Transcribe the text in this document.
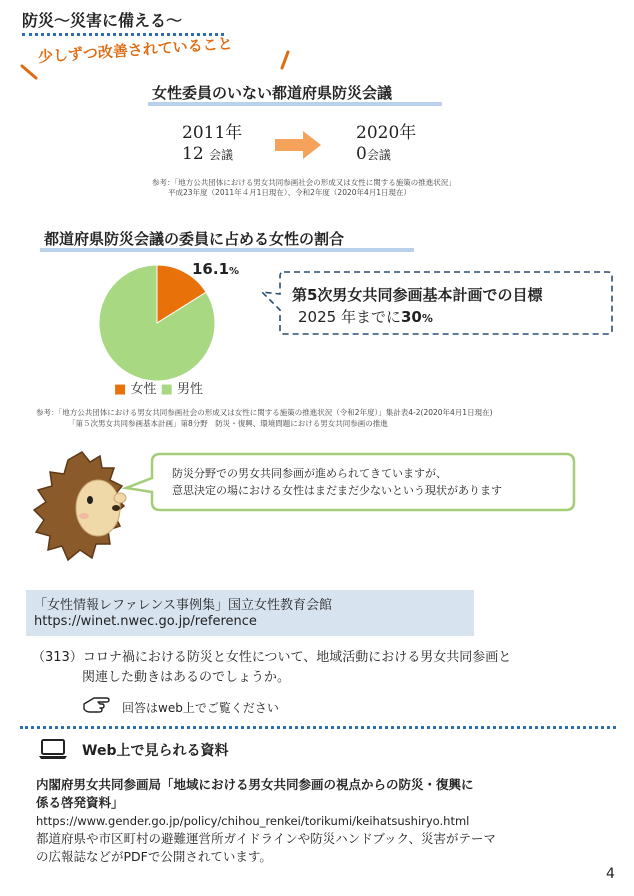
防災～災害に備える～
少しずつ改善されていること
女性委員のいない都道府県防災会議
2011年
12 会議
2020年
0会議
参考：「地方公共団体における男女共同参画社会の形成又は女性に関する施策の推進状況」
平成23年度（2011年４月1日現在）、令和2年度（2020年4月1日現在）
都道府県防災会議の委員に占める女性の割合
16.1%
■ 女性 ■ 男性
第5次男女共同参画基本計画での目標
2025 年までに30%
参考：「地方公共団体における男女共同参画社会の形成又は女性に関する施策の推進状況（令和2年度）」集計表4-2(2020年4月1日現在)
「第５次男女共同参画基本計画」第8分野　防災・復興、環境問題における男女共同参画の推進
防災分野での男女共同参画が進められてきていますが、
意思決定の場における女性はまだまだ少ないという現状があります
「女性情報レファレンス事例集」国立女性教育会館
https://winet.nwec.go.jp/reference
（313）コロナ禍における防災と女性について、地域活動における男女共同参画と
関連した動きはあるのでしょうか。
回答はweb上でご覧ください
Web上で見られる資料
内閣府男女共同参画局「地域における男女共同参画の視点からの防災・復興に
係る啓発資料」
https://www.gender.go.jp/policy/chihou_renkei/torikumi/keihatsushiryo.html
都道府県や市区町村の避難運営所ガイドラインや防災ハンドブック、災害がテーマ
の広報誌などがPDFで公開されています。
4
